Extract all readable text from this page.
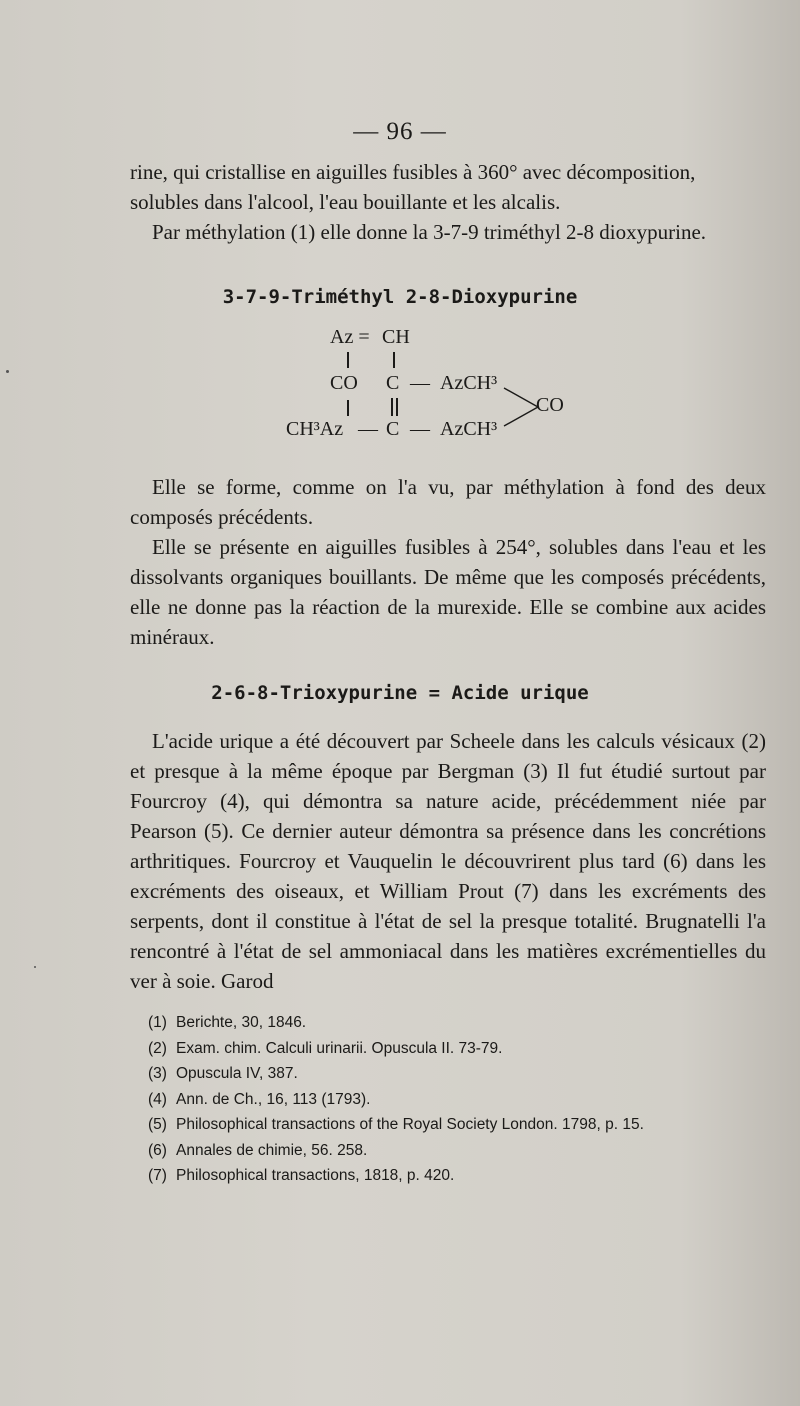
— 96 —
rine, qui cristallise en aiguilles fusibles à 360° avec décomposition,
solubles dans l'alcool, l'eau bouillante et les alcalis.
Par méthylation (1) elle donne la 3-7-9 triméthyl 2-8 dioxypurine.
3-7-9-Triméthyl 2-8-Dioxypurine
Az = CH
CO C — AzCH³
CO
CH³Az — C — AzCH³

Elle se forme, comme on l'a vu, par méthylation à fond des deux composés précédents.

Elle se présente en aiguilles fusibles à 254°, solubles dans l'eau et les dissolvants organiques bouillants. De même que les composés précédents, elle ne donne pas la réaction de la murexide. Elle se combine aux acides minéraux.

2-6-8-Trioxypurine = Acide urique

L'acide urique a été découvert par Scheele dans les calculs vésicaux (2) et presque à la même époque par Bergman (3) Il fut étudié surtout par Fourcroy (4), qui démontra sa nature acide, précédemment niée par Pearson (5). Ce dernier auteur démontra sa présence dans les concrétions arthritiques. Fourcroy et Vauquelin le découvrirent plus tard (6) dans les excréments des oiseaux, et William Prout (7) dans les excréments des serpents, dont il constitue à l'état de sel la presque totalité. Brugnatelli l'a rencontré à l'état de sel ammoniacal dans les matières excrémentielles du ver à soie. Garod

(1) Berichte, 30, 1846.
(2) Exam. chim. Calculi urinarii. Opuscula II. 73-79.
(3) Opuscula IV, 387.
(4) Ann. de Ch., 16, 113 (1793).
(5) Philosophical transactions of the Royal Society London. 1798, p. 15.
(6) Annales de chimie, 56. 258.
(7) Philosophical transactions, 1818, p. 420.
